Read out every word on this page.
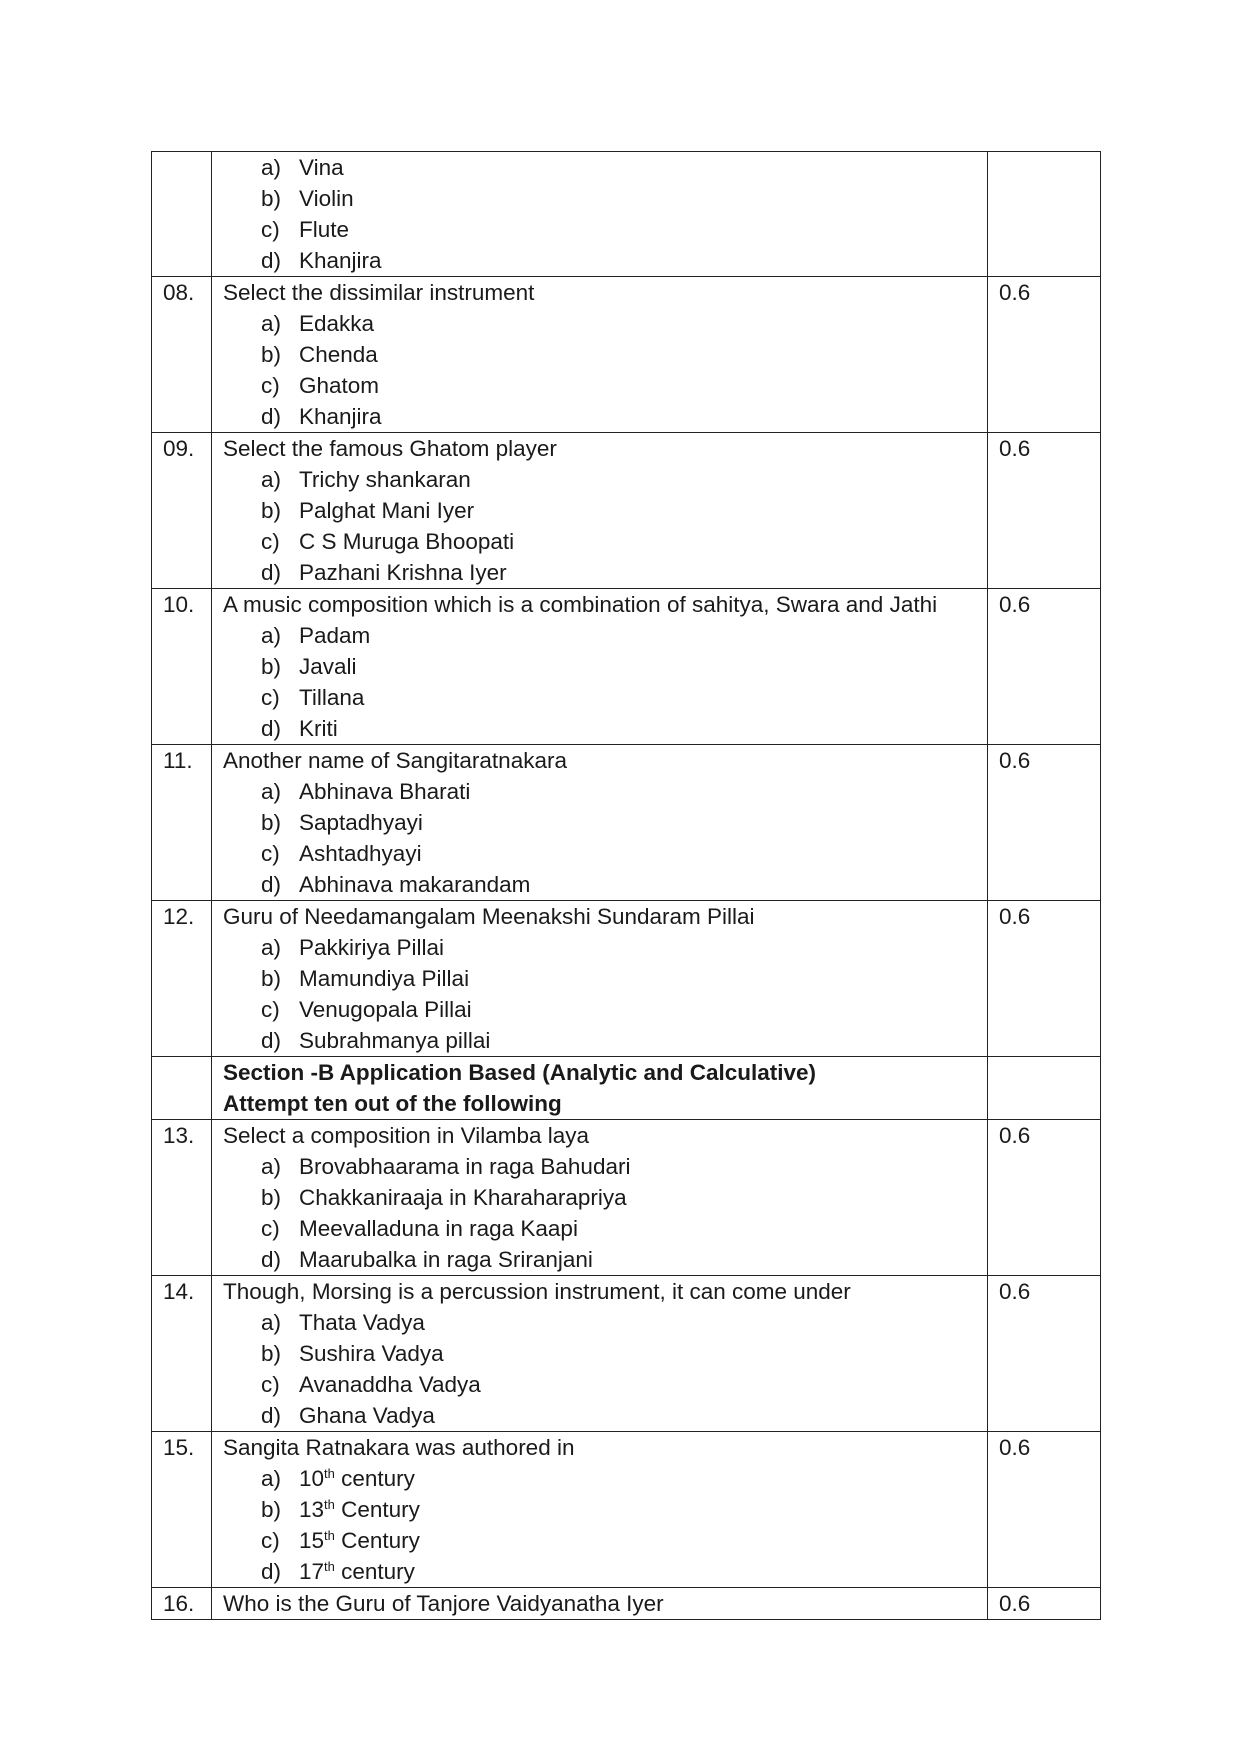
	a) Vina
b) Violin
c) Flute
d) Khanjira	

08.	Select the dissimilar instrument
a) Edakka
b) Chenda
c) Ghatom
d) Khanjira	0.6

09.	Select the famous Ghatom player
a) Trichy shankaran
b) Palghat Mani Iyer
c) C S Muruga Bhoopati
d) Pazhani Krishna Iyer	0.6

10.	A music composition which is a combination of sahitya, Swara and Jathi
a) Padam
b) Javali
c) Tillana
d) Kriti	0.6

11.	Another name of Sangitaratnakara
a) Abhinava Bharati
b) Saptadhyayi
c) Ashtadhyayi
d) Abhinava makarandam	0.6

12.	Guru of Needamangalam Meenakshi Sundaram Pillai
a) Pakkiriya Pillai
b) Mamundiya Pillai
c) Venugopala Pillai
d) Subrahmanya pillai	0.6

	Section -B Application Based (Analytic and Calculative)
Attempt ten out of the following	

13.	Select a composition in Vilamba laya
a) Brovabhaarama in raga Bahudari
b) Chakkaniraaja in Kharaharapriya
c) Meevalladuna in raga Kaapi
d) Maarubalka in raga Sriranjani	0.6

14.	Though, Morsing is a percussion instrument, it can come under
a) Thata Vadya
b) Sushira Vadya
c) Avanaddha Vadya
d) Ghana Vadya	0.6

15.	Sangita Ratnakara was authored in
a) 10th century
b) 13th Century
c) 15th Century
d) 17th century	0.6

16.	Who is the Guru of Tanjore Vaidyanatha Iyer	0.6
